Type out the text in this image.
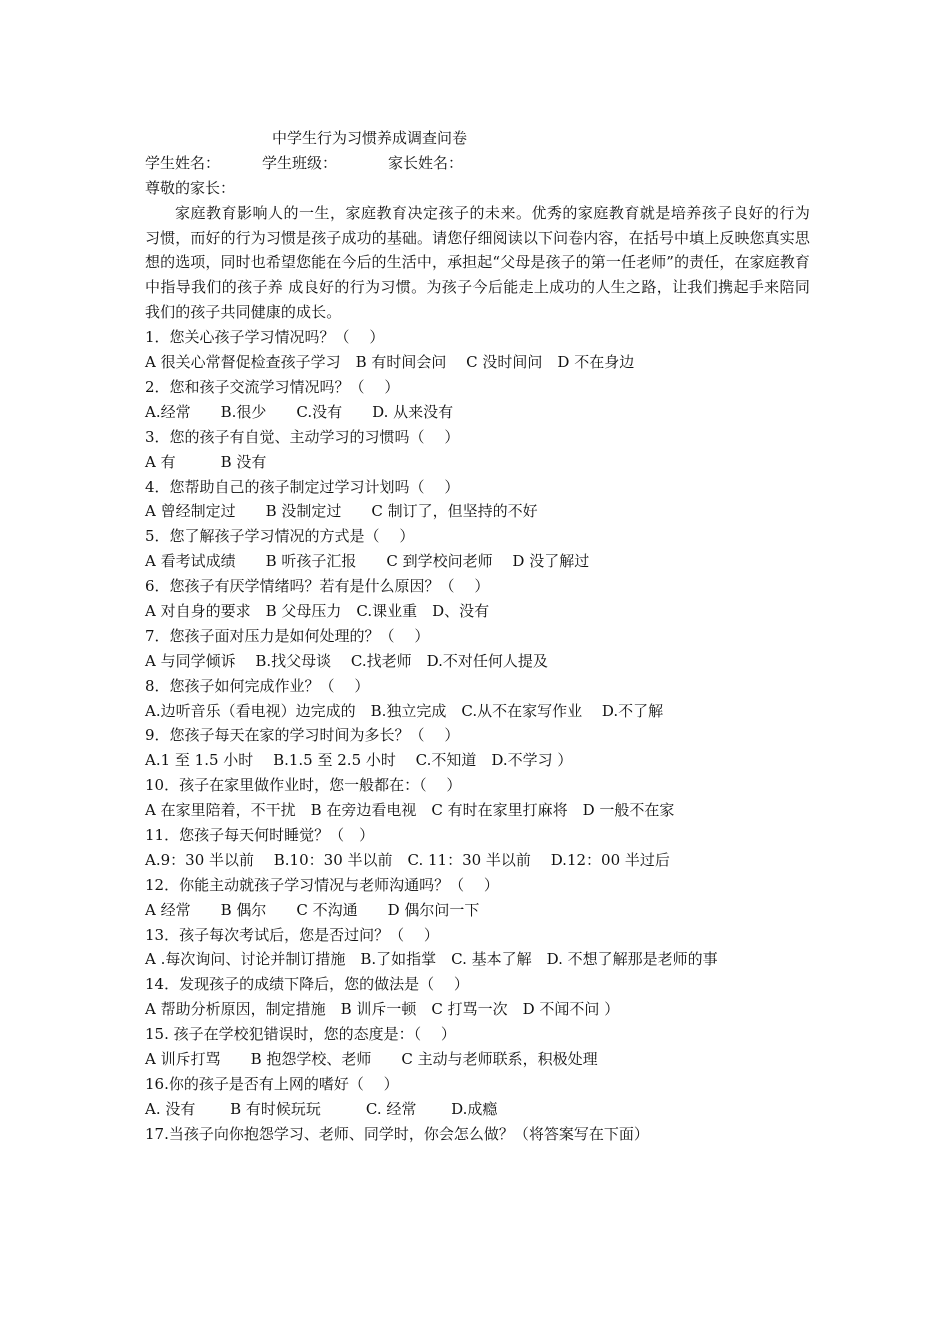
中学生行为习惯养成调查问卷
学生姓名：	学生班级：	家长姓名：
尊敬的家长：
家庭教育影响人的一生，家庭教育决定孩子的未来。优秀的家庭教育就是培养孩子良好的行为 习惯，而好的行为习惯是孩子成功的基础。请您仔细阅读以下问卷内容，在括号中填上反映您真实思想的选项，同时也希望您能在今后的生活中，承担起“父母是孩子的第一任老师”的责任，在家庭教育中指导我们的孩子养 成良好的行为习惯。为孩子今后能走上成功的人生之路，让我们携起手来陪同我们的孩子共同健康的成长。
1．您关心孩子学习情况吗？（　 ）
A 很关心常督促检查孩子学习　B 有时间会问　 C 没时间问　D 不在身边
2．您和孩子交流学习情况吗？（　 ）
A.经常　　B.很少　　C.没有　　D. 从来没有
3．您的孩子有自觉、主动学习的习惯吗（　 ）
A 有　　　B 没有
4．您帮助自己的孩子制定过学习计划吗（　 ）
A 曾经制定过　　B 没制定过　　C 制订了，但坚持的不好
5．您了解孩子学习情况的方式是（　 ）
A 看考试成绩　　B 听孩子汇报　　C 到学校问老师　 D 没了解过
6．您孩子有厌学情绪吗？若有是什么原因？（　 ）
A 对自身的要求　B 父母压力　C.课业重　D、没有
7．您孩子面对压力是如何处理的？（　 ）
A 与同学倾诉　 B.找父母谈　 C.找老师　D.不对任何人提及
8．您孩子如何完成作业？（　 ）
A.边听音乐（看电视）边完成的　B.独立完成　C.从不在家写作业　 D.不了解
9．您孩子每天在家的学习时间为多长？（　 ）
A.1 至 1.5 小时　 B.1.5 至 2.5 小时　 C.不知道　D.不学习 ）
10．孩子在家里做作业时，您一般都在：（　 ）
A 在家里陪着，不干扰　B 在旁边看电视　C 有时在家里打麻将　D 一般不在家
11．您孩子每天何时睡觉？（　）
A.9：30 半以前　 B.10：30 半以前　C. 11：30 半以前　 D.12：00 半过后
12．你能主动就孩子学习情况与老师沟通吗？（　 ）
A 经常　　B 偶尔　　C 不沟通　　D 偶尔问一下
13．孩子每次考试后，您是否过问？（　 ）
A .每次询问、讨论并制订措施　B.了如指掌　C. 基本了解　D. 不想了解那是老师的事
14．发现孩子的成绩下降后，您的做法是（　 ）
A 帮助分析原因，制定措施　B 训斥一顿　C 打骂一次　D 不闻不问 ）
15. 孩子在学校犯错误时，您的态度是：（　 ）
A 训斥打骂　　B 抱怨学校、老师　　C 主动与老师联系，积极处理
16.你的孩子是否有上网的嗜好（　 ）
A. 没有　　 B 有时候玩玩　　　C. 经常　　 D.成瘾
17.当孩子向你抱怨学习、老师、同学时，你会怎么做？（将答案写在下面）
